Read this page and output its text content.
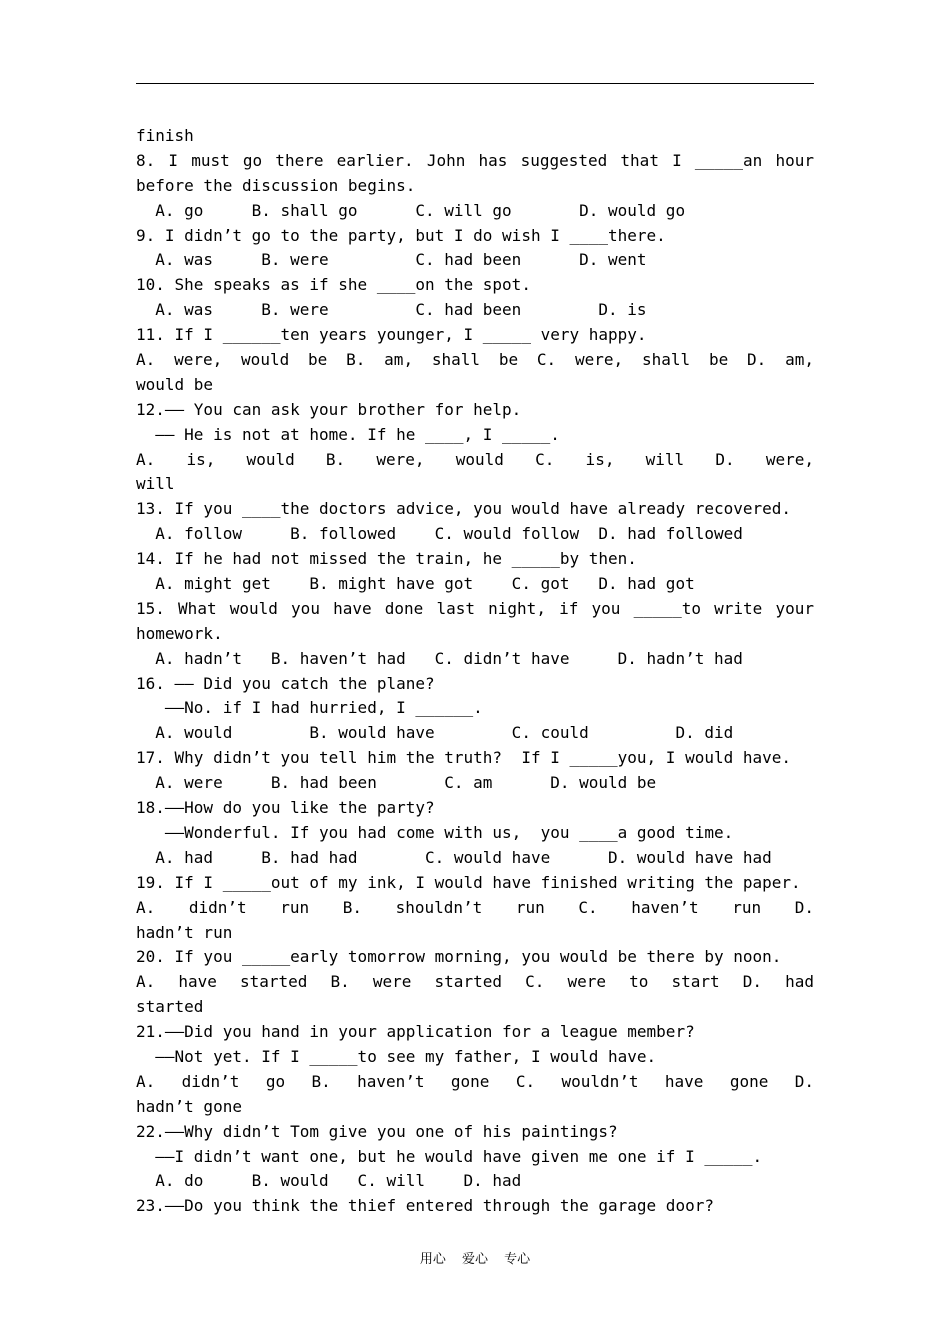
finish
8. I must go there earlier. John has suggested that I _____an hour
before the discussion begins.
A. go     B. shall go      C. will go       D. would go
9. I didn’t go to the party, but I do wish I ____there.
A. was     B. were         C. had been      D. went
10. She speaks as if she ____on the spot.
A. was     B. were         C. had been        D. is
11. If I ______ten years younger, I _____ very happy.
A. were, would be B. am, shall be C. were, shall be D. am,
would be
12.—— You can ask your brother for help.
—— He is not at home. If he ____, I _____.
A. is, would B. were, would C. is, will D. were,
will
13. If you ____the doctors advice, you would have already recovered.
A. follow     B. followed    C. would follow  D. had followed
14. If he had not missed the train, he _____by then.
A. might get    B. might have got    C. got   D. had got
15. What would you have done last night, if you _____to write your
homework.
A. hadn’t   B. haven’t had   C. didn’t have     D. hadn’t had
16. —— Did you catch the plane?
——No. if I had hurried, I ______.
A. would        B. would have        C. could         D. did
17. Why didn’t you tell him the truth?  If I _____you, I would have.
A. were     B. had been       C. am      D. would be
18.——How do you like the party?
——Wonderful. If you had come with us,  you ____a good time.
A. had     B. had had       C. would have      D. would have had
19. If I _____out of my ink, I would have finished writing the paper.
A. didn’t run B. shouldn’t run C. haven’t run D.
hadn’t run
20. If you _____early tomorrow morning, you would be there by noon.
A. have started B. were started C. were to start D. had
started
21.——Did you hand in your application for a league member?
——Not yet. If I _____to see my father, I would have.
A. didn’t go B. haven’t gone C. wouldn’t have gone D.
hadn’t gone
22.——Why didn’t Tom give you one of his paintings?
——I didn’t want one, but he would have given me one if I _____.
A. do     B. would   C. will    D. had
23.——Do you think the thief entered through the garage door?
用心 爱心 专心
